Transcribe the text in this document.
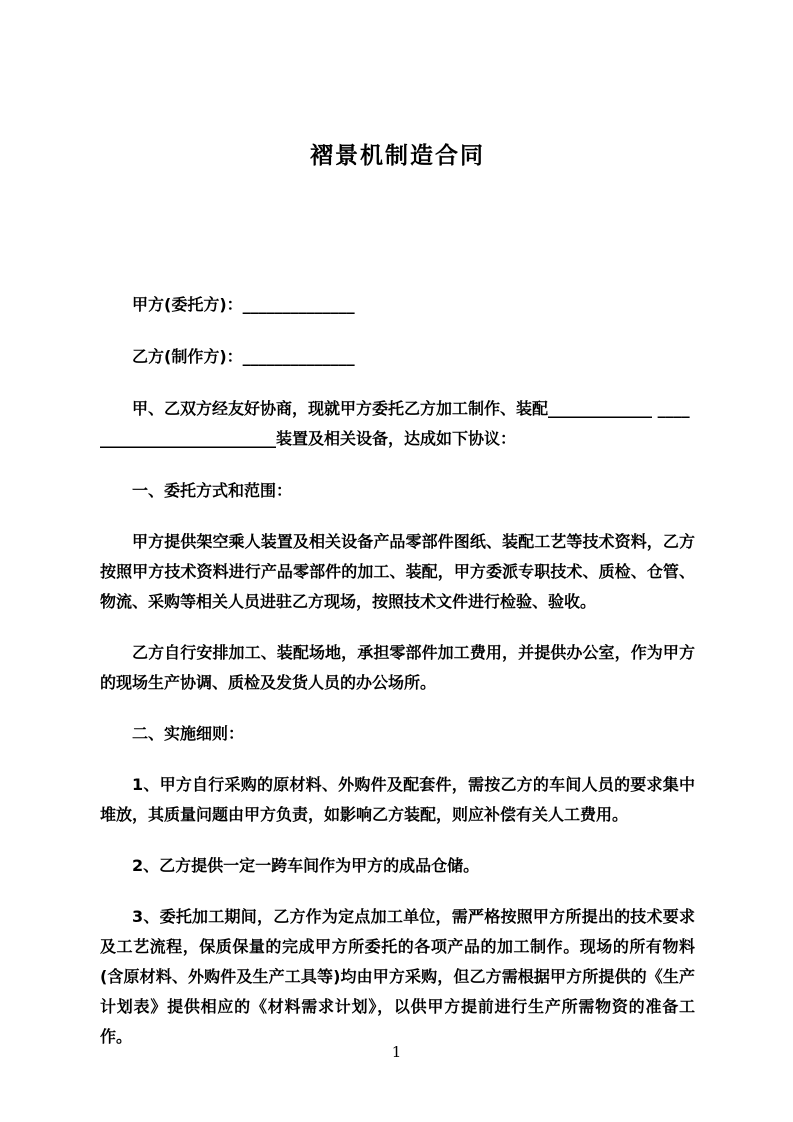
褶景机制造合同

甲方(委托方)：______________

乙方(制作方)：______________

甲、乙双方经友好协商，现就甲方委托乙方加工制作、装配_____________ ____

______________________装置及相关设备，达成如下协议：

一、委托方式和范围：

甲方提供架空乘人装置及相关设备产品零部件图纸、装配工艺等技术资料，乙方按照甲方技术资料进行产品零部件的加工、装配，甲方委派专职技术、质检、仓管、物流、采购等相关人员进驻乙方现场，按照技术文件进行检验、验收。

乙方自行安排加工、装配场地，承担零部件加工费用，并提供办公室，作为甲方的现场生产协调、质检及发货人员的办公场所。

二、实施细则：

1、甲方自行采购的原材料、外购件及配套件，需按乙方的车间人员的要求集中堆放，其质量问题由甲方负责，如影响乙方装配，则应补偿有关人工费用。

2、乙方提供一定一跨车间作为甲方的成品仓储。

3、委托加工期间，乙方作为定点加工单位，需严格按照甲方所提出的技术要求及工艺流程，保质保量的完成甲方所委托的各项产品的加工制作。现场的所有物料(含原材料、外购件及生产工具等)均由甲方采购，但乙方需根据甲方所提供的《生产计划表》提供相应的《材料需求计划》，以供甲方提前进行生产所需物资的准备工作。

1
